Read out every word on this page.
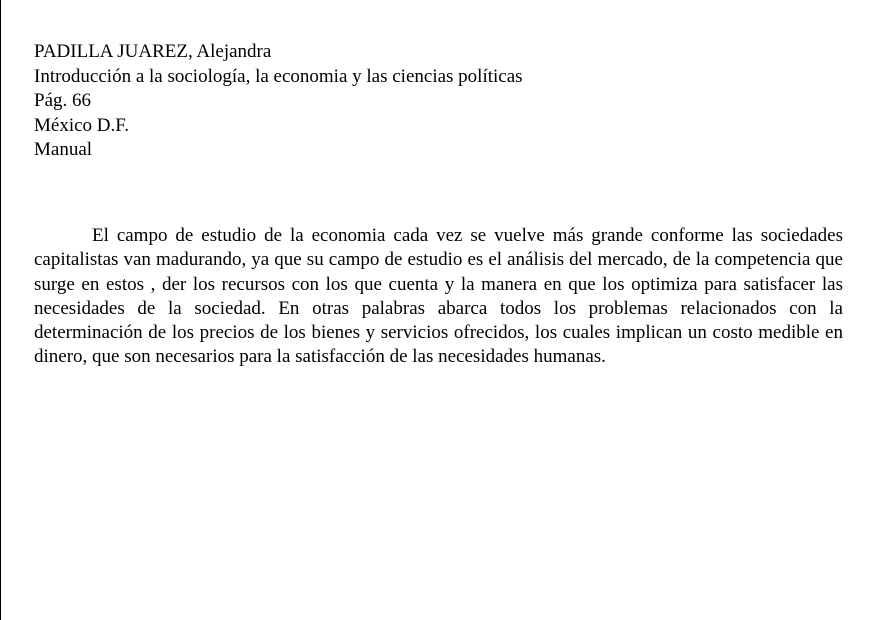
PADILLA JUAREZ, Alejandra
Introducción a la sociología, la economia y las ciencias políticas
Pág. 66
México D.F.
Manual

El campo de estudio de la economia cada vez se vuelve más grande conforme las sociedades capitalistas van madurando, ya que su campo de estudio es el análisis del mercado, de la competencia que surge en estos , der los recursos con los que cuenta y la manera en que los optimiza para satisfacer las necesidades de la sociedad. En otras palabras abarca todos los problemas relacionados con la determinación de los precios de los bienes y servicios ofrecidos, los cuales implican un costo medible en dinero, que son necesarios para la satisfacción de las necesidades humanas.
